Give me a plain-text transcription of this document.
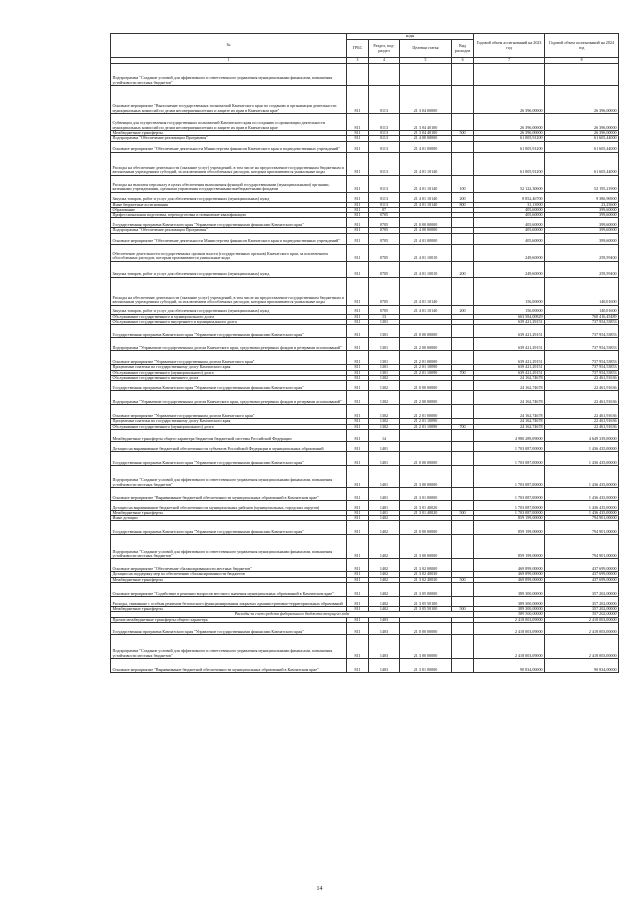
№	коды				Годовой объем ассигнований на 2023 год	Годовой объем ассигнований на 2024 год
	ГРБС	Раздел, под-раздел	Целевая статья	Вид расходов		
1	3	4	5	6	7	8
Подпрограмма "Создание условий для эффективного и ответственного управления муниципальными финансами, повышения устойчивости местных бюджетов"						
Основное мероприятие "Выполнение государственных полномочий Камчатского края по созданию и организации деятельности муниципальных комиссий по делам несовершеннолетних и защите их прав в Камчатском крае"	811	0113	21 3 04 00000		26 396,00000	26 396,00000
Субвенции для осуществления государственных полномочий Камчатского края по созданию и организации деятельности муниципальных комиссий по делам несовершеннолетних и защите их прав в Камчатском крае	811	0113	21 3 04 40100		26 396,00000	26 396,00000
Межбюджетные трансферты	811	0113	21 3 04 40100	500	26 396,00000	26 396,00000
Подпрограмма "Обеспечение реализации Программы"	811	0113	21 4 00 00000		61 005,91200	61 605,44000
Основное мероприятие "Обеспечение деятельности Министерства финансов Камчатского края и подведомственных учреждений"	811	0113	21 4 01 00000		61 005,91200	61 605,44000
Расходы на обеспечение деятельности (оказание услуг) учреждений, в том числе на предоставление государственным бюджетным и автономным учреждениям субсидий, за исключением обособленных расходов, которым присваиваются уникальные коды	811	0113	21 4 01 10140		61 005,91200	61 605,44000
Расходы на выплаты персоналу в целях обеспечения выполнения функций государственными (муниципальными) органами, казенными учреждениями, органами управления государственными внебюджетными фондами	811	0113	21 4 01 10140	100	52 122,30600	52 195,21900
Закупка товаров, работ и услуг для обеспечения государственных (муниципальных) нужд	811	0113	21 4 01 10140	200	8 852,46700	9 386,96900
Иные бюджетные ассигнования	811	0113	21 4 01 10140	800	31,13900	23,25600
Образование	811	07			405,60000	399,60000
Профессиональная подготовка, переподготовка и повышение квалификации	811	0705			405,60000	399,60000
Государственная программа Камчатского края "Управление государственными финансами Камчатского края"	811	0705	21 0 00 00000		405,60000	399,60000
Подпрограмма "Обеспечение реализации Программы"	811	0705	21 4 00 00000		405,60000	399,60000
Основное мероприятие "Обеспечение деятельности Министерства финансов Камчатского края и подведомственных учреждений"	811	0705	21 4 01 00000		405,60000	399,60000
Обеспечение деятельности государственных органов власти (государственных органов) Камчатского края, за исключением обособленных расходов, которым присваиваются уникальные коды	811	0705	21 4 01 10010		249,60000	259,59400
Закупка товаров, работ и услуг для обеспечения государственных (муниципальных) нужд	811	0705	21 4 01 10010	200	249,60000	259,59400
Расходы на обеспечение деятельности (оказание услуг) учреждений, в том числе на предоставление государственным бюджетным и автономным учреждениям субсидий, за исключением обособленных расходов, которым присваиваются уникальные коды	811	0705	21 4 01 10140		156,00000	140,01600
Закупка товаров, работ и услуг для обеспечения государственных (муниципальных) нужд	811	0705	21 4 01 10140	200	156,00000	140,01600
Обслуживание государственного и муниципального долга	811	13			663 584,00829	760 416,45489
Обслуживание государственного внутреннего и муниципального долга	811	1301			639 421,29151	737 954,53853
Государственная программа Камчатского края "Управление государственными финансами Камчатского края"	811	1301	21 0 00 00000		639 421,29151	737 954,53853
Подпрограмма "Управление государственным долгом Камчатского края, средствами резервных фондов и резервами ассигнований"	811	1301	21 2 00 00000		639 421,29151	737 954,53853
Основное мероприятие "Управление государственным долгом Камчатского края"	811	1301	21 2 01 00000		639 421,29151	737 954,53853
Процентные платежи по государственному долгу Камчатского края	811	1301	21 2 01 10090		639 421,29151	737 954,53853
Обслуживание государственного (муниципального) долга	811	1301	21 2 01 10090	700	639 421,29151	737 954,53853
Обслуживание государственного внешнего долга	811	1302			24 162,74678	22 461,91636
Государственная программа Камчатского края "Управление государственными финансами Камчатского края"	811	1302	21 0 00 00000		24 162,74678	22 461,91636
Подпрограмма "Управление государственным долгом Камчатского края, средствами резервных фондов и резервами ассигнований"	811	1302	21 2 00 00000		24 162,74678	22 461,91636
Основное мероприятие "Управление государственным долгом Камчатского края"	811	1302	21 2 01 00000		24 162,74678	22 461,91636
Процентные платежи по государственному долгу Камчатского края	811	1302	21 2 01 10090		24 162,74678	22 461,91636
Обслуживание государственного (муниципального) долга	811	1302	21 2 01 10090	700	24 162,74678	22 461,91636
Межбюджетные трансферты общего характера бюджетам бюджетной системы Российской Федерации	811	14			4 980 289,09000	4 649 339,00000
Дотации на выравнивание бюджетной обеспеченности субъектов Российской Федерации и муниципальных образований	811	1401			1 703 087,00000	1 436 435,00000
Государственная программа Камчатского края "Управление государственными финансами Камчатского края"	811	1401	21 0 00 00000		1 703 087,00000	1 436 435,00000
Подпрограмма "Создание условий для эффективного и ответственного управления муниципальными финансами, повышения устойчивости местных бюджетов"	811	1401	21 3 00 00000		1 703 087,00000	1 436 435,00000
Основное мероприятие "Выравнивание бюджетной обеспеченности муниципальных образований в Камчатском крае"	811	1401	21 3 01 00000		1 703 087,00000	1 436 435,00000
Дотации на выравнивание бюджетной обеспеченности муниципальных районов (муниципальных, городских округов)	811	1401	21 3 01 40020		1 703 087,00000	1 436 435,00000
Межбюджетные трансферты	811	1401	21 3 01 40020	500	1 703 087,00000	1 436 435,00000
Иные дотации	811	1402			859 199,00000	794 901,00000
Государственная программа Камчатского края "Управление государственными финансами Камчатского края"	811	1402	21 0 00 00000		859 199,00000	794 901,00000
Подпрограмма "Создание условий для эффективного и ответственного управления муниципальными финансами, повышения устойчивости местных бюджетов"	811	1402	21 3 00 00000		859 199,00000	794 901,00000
Основное мероприятие "Обеспечение сбалансированности местных бюджетов"	811	1402	21 3 02 00000		469 899,00000	437 699,00000
Дотации на поддержку мер по обеспечению сбалансированности бюджетов	811	1402	21 3 02 40030		469 899,00000	437 699,00000
Межбюджетные трансферты	811	1402	21 3 02 40030	500	469 899,00000	437 699,00000
Основное мероприятие "Содействие в решении вопросов местного значения муниципальных образований в Камчатском крае"	811	1402	21 3 05 00000		389 300,00000	357 202,00000
Расходы, связанные с особым режимом безопасного функционирования закрытых административно-территориальных образований	811	1402	21 3 05 50100		389 300,00000	357 202,00000
Межбюджетные трансферты	811	1402	21 3 05 50100	500	389 300,00000	357 202,00000
Расходы за счет средств федерального бюджета текущего года					389 300,00000	357 202,00000
Прочие межбюджетные трансферты общего характера	811	1403			2 418 003,09000	2 418 003,00000
Государственная программа Камчатского края "Управление государственными финансами Камчатского края"	811	1403	21 0 00 00000		2 418 003,09000	2 418 003,00000
Подпрограмма "Создание условий для эффективного и ответственного управления муниципальными финансами, повышения устойчивости местных бюджетов"	811	1403	21 3 00 00000		2 418 003,09000	2 418 003,00000
Основное мероприятие "Выравнивание бюджетной обеспеченности муниципальных образований в Камчатском крае"	811	1403	21 3 01 00000		90 834,00000	90 834,00000
14
